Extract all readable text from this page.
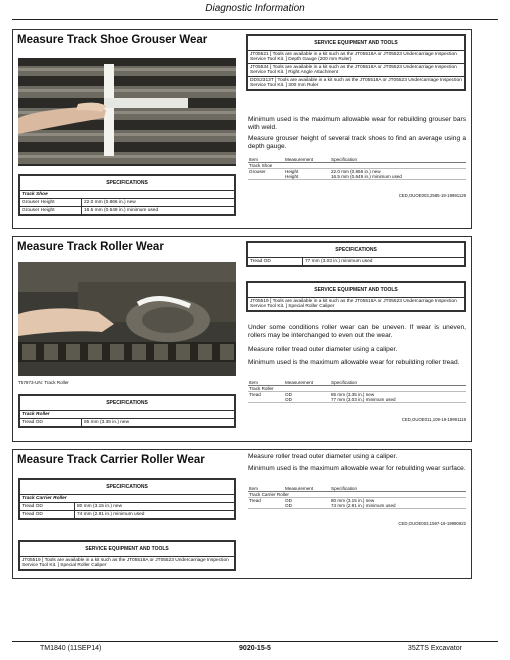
Diagnostic Information
Measure Track Shoe Grouser Wear
SPECIFICATIONS	
Track Shoe	
Grouser Height	22.0 mm (0.866 in.) new
Grouser Height	16.5 mm (0.649 in.) minimum used
SERVICE EQUIPMENT AND TOOLS
JT05521 [ Tools are available in a kit such as the JT05518A or JT05523 Undercarriage Inspection Service Tool Kit. ] Depth Gauge (200 mm Ruler)
JT05534 [ Tools are available in a kit such as the JT05518A or JT05523 Undercarriage Inspection Service Tool Kit. ] Right Angle Attachment
DDS2313T [ Tools are available in a kit such as the JT05518A or JT05523 Undercarriage Inspection Service Tool Kit. ] 300 mm Ruler
Minimum used is the maximum allowable wear for rebuilding grouser bars with weld.
Measure grouser height of several track shoes to find an average using a depth gauge.
Item	Measurement	Specification
Track Shoe		
Grouser	Height	22.0 mm (0.866 in.) new
	Height	16.5 mm (0.649 in.) minimum used
CED,OUOE003,2585-19-19991129
Measure Track Roller Wear
T57973-UN: Track Roller
SPECIFICATIONS
Track Roller
Tread OD	85 mm (3.35 in.) new
SPECIFICATIONS
Tread OD	77 mm (3.03 in.) minimum used
SERVICE EQUIPMENT AND TOOLS
JT05519 [ Tools are available in a kit such as the JT05518A or JT05523 Undercarriage Inspection Service Tool Kit. ] Special Roller Caliper
Under some conditions roller wear can be uneven. If wear is uneven, rollers may be interchanged to even out the wear.
Measure roller tread outer diameter using a caliper.
Minimum used is the maximum allowable wear for rebuilding roller tread.
Item	Measurement	Specification
Track Roller		
Tread	OD	85 mm (3.35 in.) new
	OD	77 mm (3.03 in.) minimum used
CED,OUOE011,109-19-19991119
Measure Track Carrier Roller Wear
SPECIFICATIONS	
Track Carrier Roller	
Tread OD	80 mm (3.15 in.) new
Tread OD	74 mm (2.91 in.) minimum used
SERVICE EQUIPMENT AND TOOLS
JT05519 [ Tools are available in a kit such as the JT05518A or JT05523 Undercarriage Inspection Service Tool Kit. ] Special Roller Caliper
Measure roller tread outer diameter using a caliper.
Minimum used is the maximum allowable wear for rebuilding wear surface.
Item	Measurement	Specification
Track Carrier Roller		
Tread	OD	80 mm (3.15 in.) new
	OD	74 mm (2.91 in.) minimum used
CED,OUOE003,1597-19-19990922
TM1840 (11SEP14)	9020-15-5	35ZTS Excavator
